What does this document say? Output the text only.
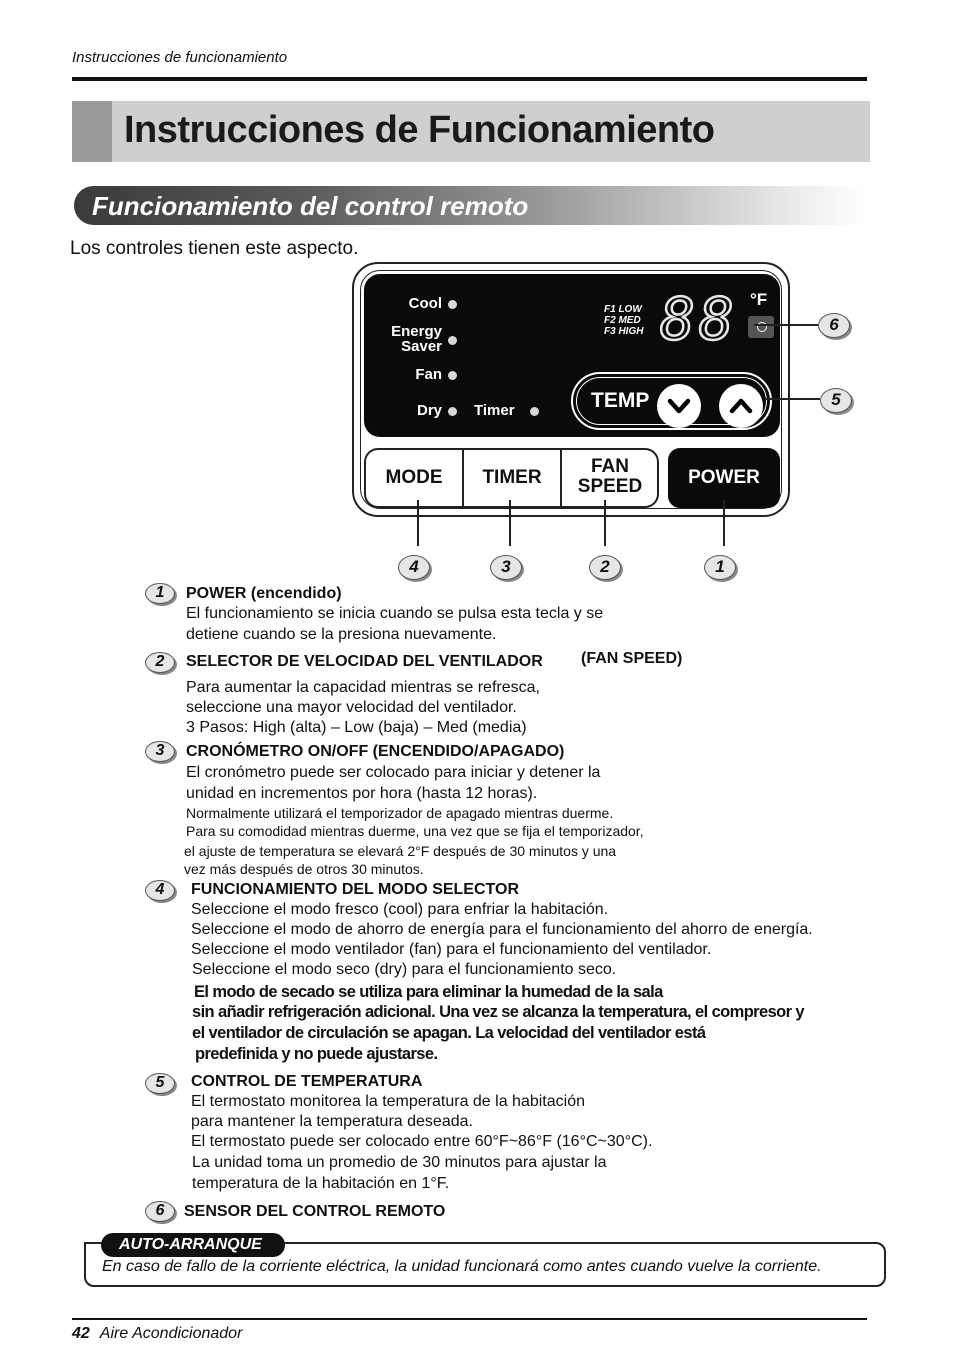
Instrucciones de funcionamiento
Instrucciones de Funcionamiento
Funcionamiento del control remoto
Los controles tienen este aspecto.
Cool
Energy
Saver
Fan
Dry Timer
F1 LOW
F2 MED
F3 HIGH 88 °F
TEMP
MODE	TIMER
FAN
SPEED	POWER
6
5
4	3	2	1
1	POWER (encendido)
El funcionamiento se inicia cuando se pulsa esta tecla y se
detiene cuando se la presiona nuevamente.
2	SELECTOR DE VELOCIDAD DEL VENTILADOR (FAN SPEED)
Para aumentar la capacidad mientras se refresca,
seleccione una mayor velocidad del ventilador.
3 Pasos: High (alta) – Low (baja) – Med (media)
3	CRONÓMETRO ON/OFF (ENCENDIDO/APAGADO)
El cronómetro puede ser colocado para iniciar y detener la
unidad en incrementos por hora (hasta 12 horas).
Normalmente utilizará el temporizador de apagado mientras duerme.
Para su comodidad mientras duerme, una vez que se fija el temporizador,
el ajuste de temperatura se elevará 2°F después de 30 minutos y una
vez más después de otros 30 minutos.
4	FUNCIONAMIENTO DEL MODO SELECTOR
Seleccione el modo fresco (cool) para enfriar la habitación.
Seleccione el modo de ahorro de energía para el funcionamiento del ahorro de energía.
Seleccione el modo ventilador (fan) para el funcionamiento del ventilador.
Seleccione el modo seco (dry) para el funcionamiento seco.
El modo de secado se utiliza para eliminar la humedad de la sala
sin añadir refrigeración adicional. Una vez se alcanza la temperatura, el compresor y
el ventilador de circulación se apagan. La velocidad del ventilador está
predefinida y no puede ajustarse.
5	CONTROL DE TEMPERATURA
El termostato monitorea la temperatura de la habitación
para mantener la temperatura deseada.
El termostato puede ser colocado entre 60°F~86°F (16°C~30°C).
La unidad toma un promedio de 30 minutos para ajustar la
temperatura de la habitación en 1°F.
6	SENSOR DEL CONTROL REMOTO
AUTO-ARRANQUE
En caso de fallo de la corriente eléctrica, la unidad funcionará como antes cuando vuelve la corriente.
42 Aire Acondicionador
